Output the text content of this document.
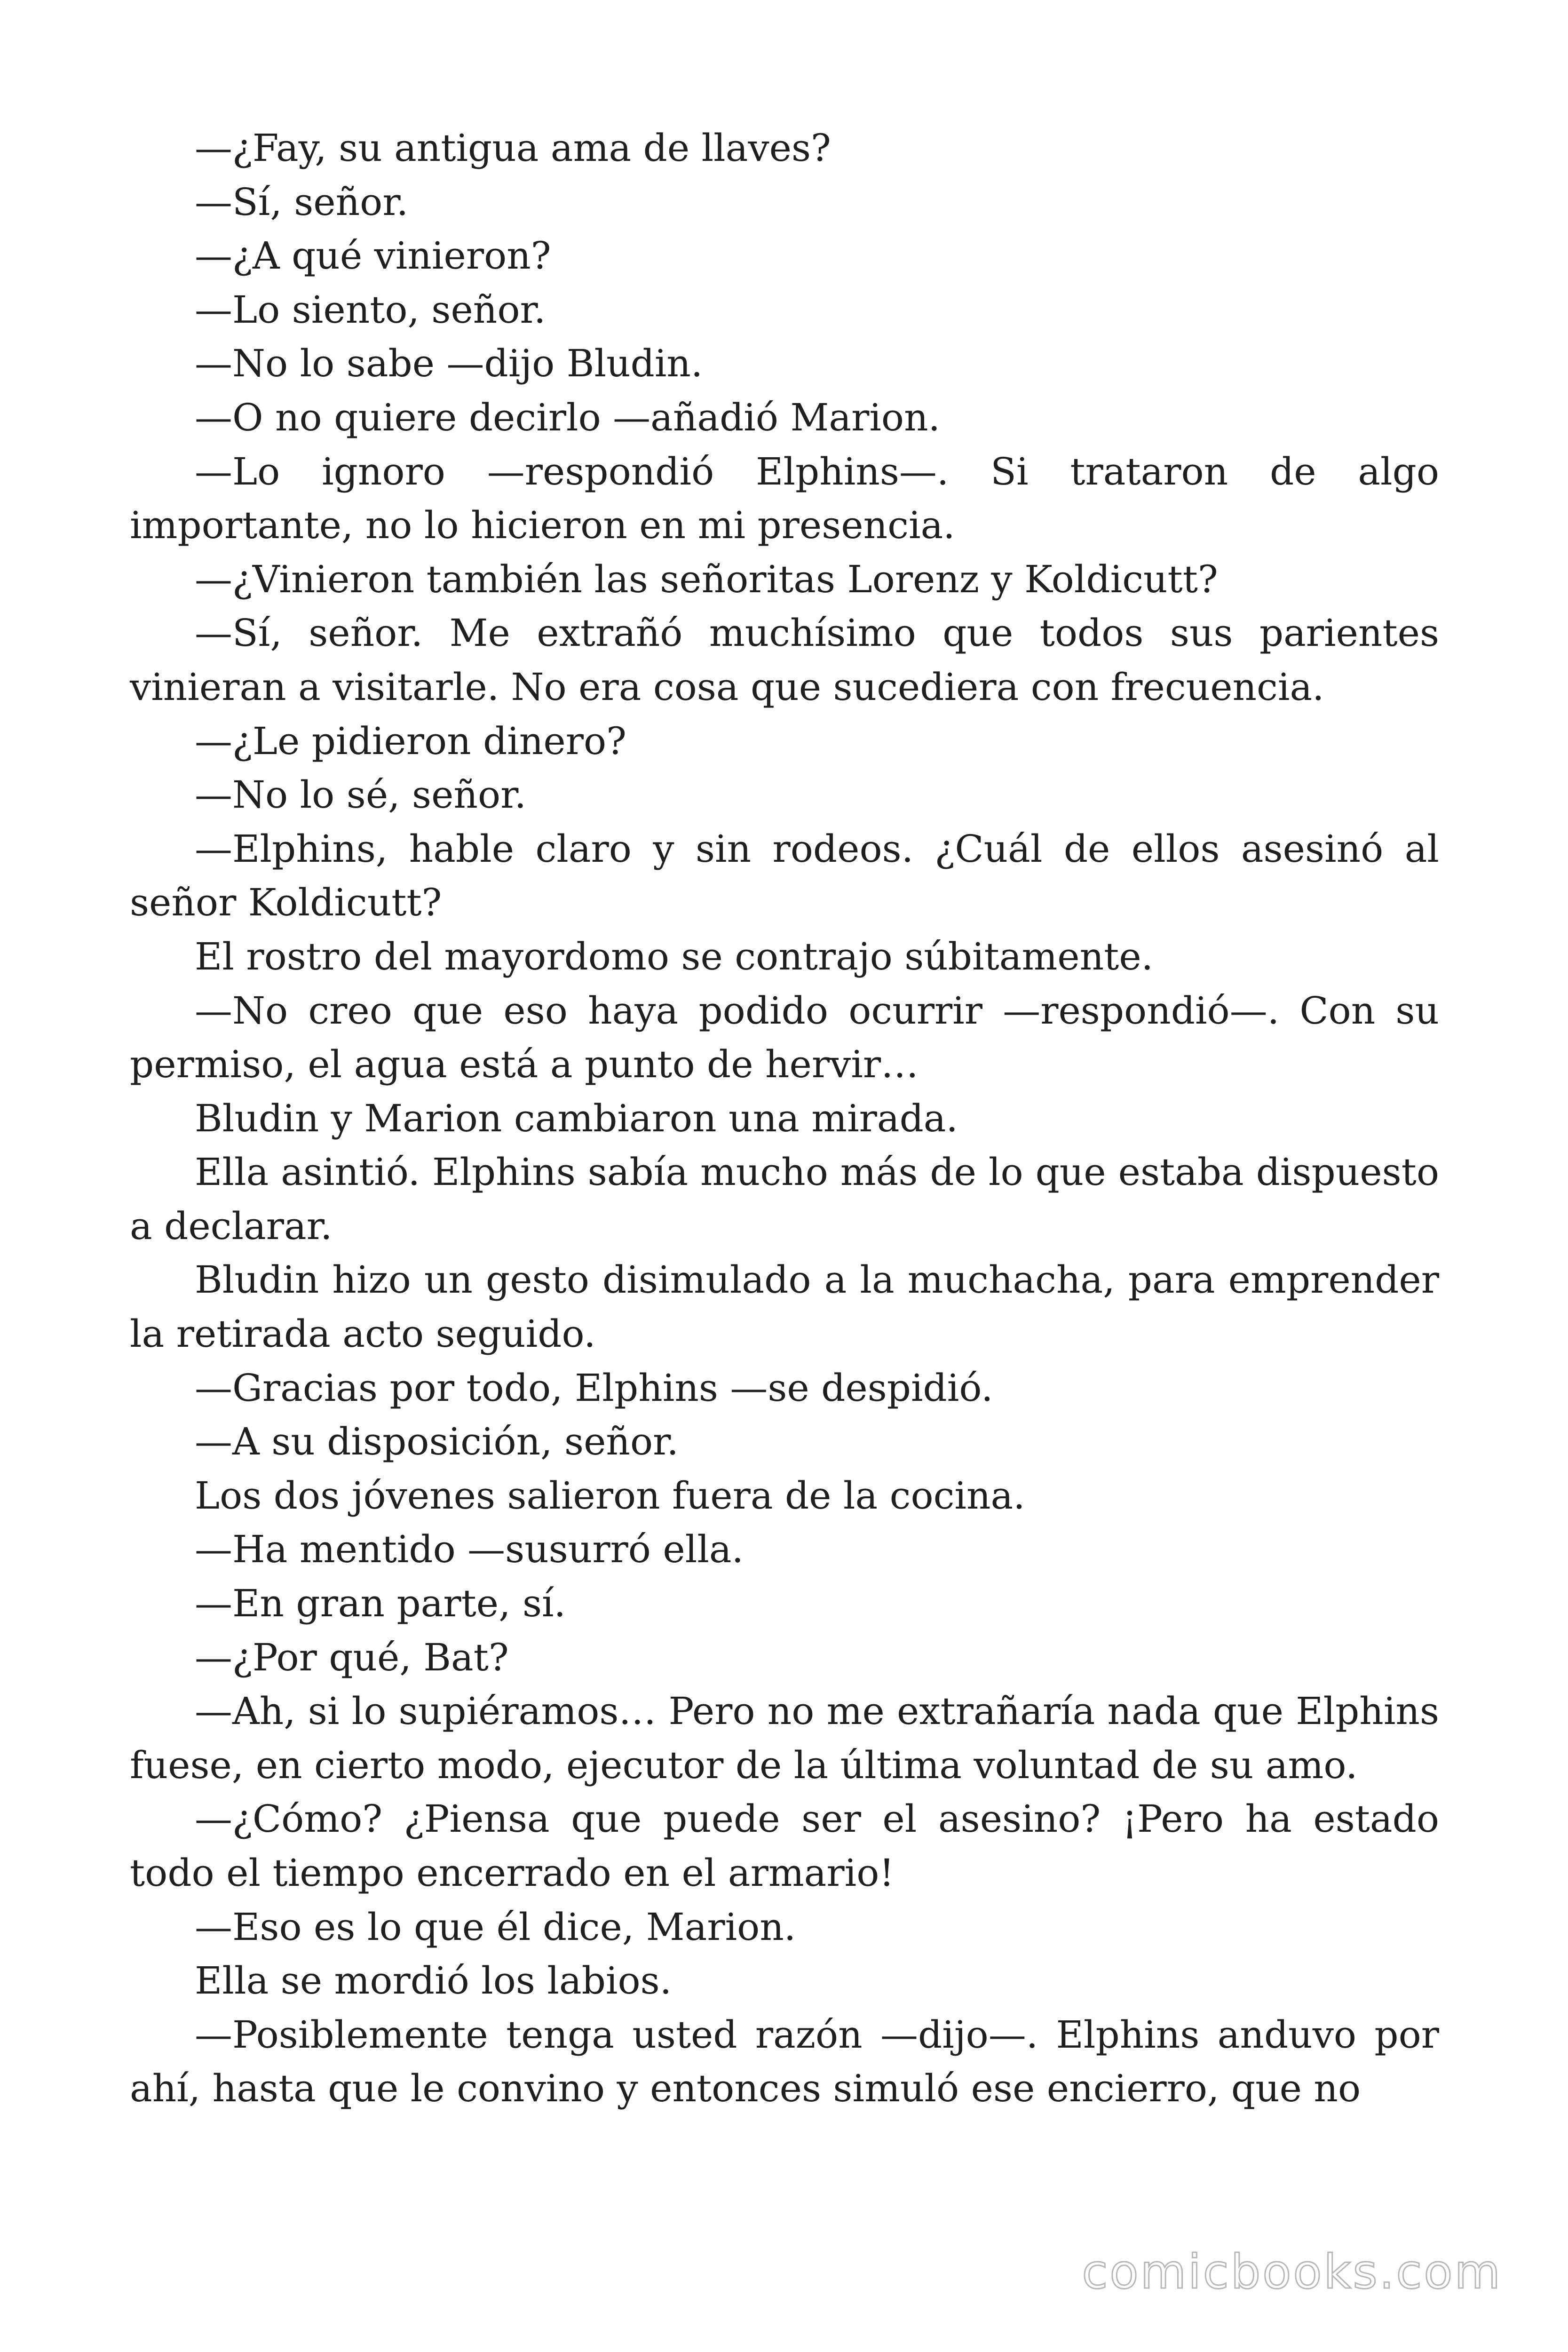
—¿Fay, su antigua ama de llaves?

—Sí, señor.

—¿A qué vinieron?

—Lo siento, señor.

—No lo sabe —dijo Bludin.

—O no quiere decirlo —añadió Marion.

—Lo ignoro —respondió Elphins—. Si trataron de algo importante, no lo hicieron en mi presencia.

—¿Vinieron también las señoritas Lorenz y Koldicutt?

—Sí, señor. Me extrañó muchísimo que todos sus parientes vinieran a visitarle. No era cosa que sucediera con frecuencia.

—¿Le pidieron dinero?

—No lo sé, señor.

—Elphins, hable claro y sin rodeos. ¿Cuál de ellos asesinó al señor Koldicutt?

El rostro del mayordomo se contrajo súbitamente.

—No creo que eso haya podido ocurrir —respondió—. Con su permiso, el agua está a punto de hervir…

Bludin y Marion cambiaron una mirada.

Ella asintió. Elphins sabía mucho más de lo que estaba dispuesto a declarar.

Bludin hizo un gesto disimulado a la muchacha, para emprender la retirada acto seguido.

—Gracias por todo, Elphins —se despidió.

—A su disposición, señor.

Los dos jóvenes salieron fuera de la cocina.

—Ha mentido —susurró ella.

—En gran parte, sí.

—¿Por qué, Bat?

—Ah, si lo supiéramos… Pero no me extrañaría nada que Elphins fuese, en cierto modo, ejecutor de la última voluntad de su amo.

—¿Cómo? ¿Piensa que puede ser el asesino? ¡Pero ha estado todo el tiempo encerrado en el armario!

—Eso es lo que él dice, Marion.

Ella se mordió los labios.

—Posiblemente tenga usted razón —dijo—. Elphins anduvo por ahí, hasta que le convino y entonces simuló ese encierro, que no

comicbooks.com
